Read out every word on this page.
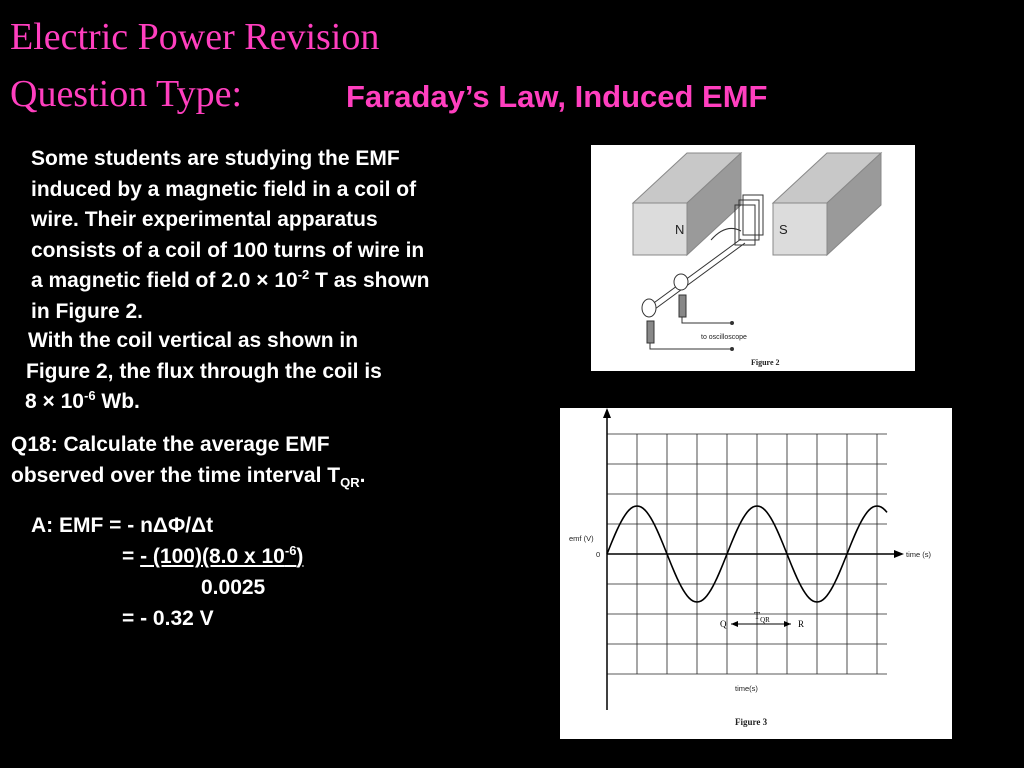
Electric Power Revision
Question Type:	Faraday’s Law, Induced EMF
Some students are studying the EMF
induced by a magnetic field in a coil of
wire. Their experimental apparatus
consists of a coil of 100 turns of wire in
a magnetic field of $2.0 \times 10^{-2}$ T as shown
in Figure 2.
With the coil vertical as shown in
Figure 2, the flux through the coil is
$8 \times 10^{-6}$ Wb.
Q18: Calculate the average EMF
observed over the time interval $T_{QR}$.
A: EMF = - nΔΦ/Δt
= - (100)(8.0 x $10^{-6}$)
0.0025
= - 0.32 V
N	S
to oscilloscope
Figure 2
emf (V)
0	time (s)
time(s)
$T_{QR}$
Q	R
Figure 3
